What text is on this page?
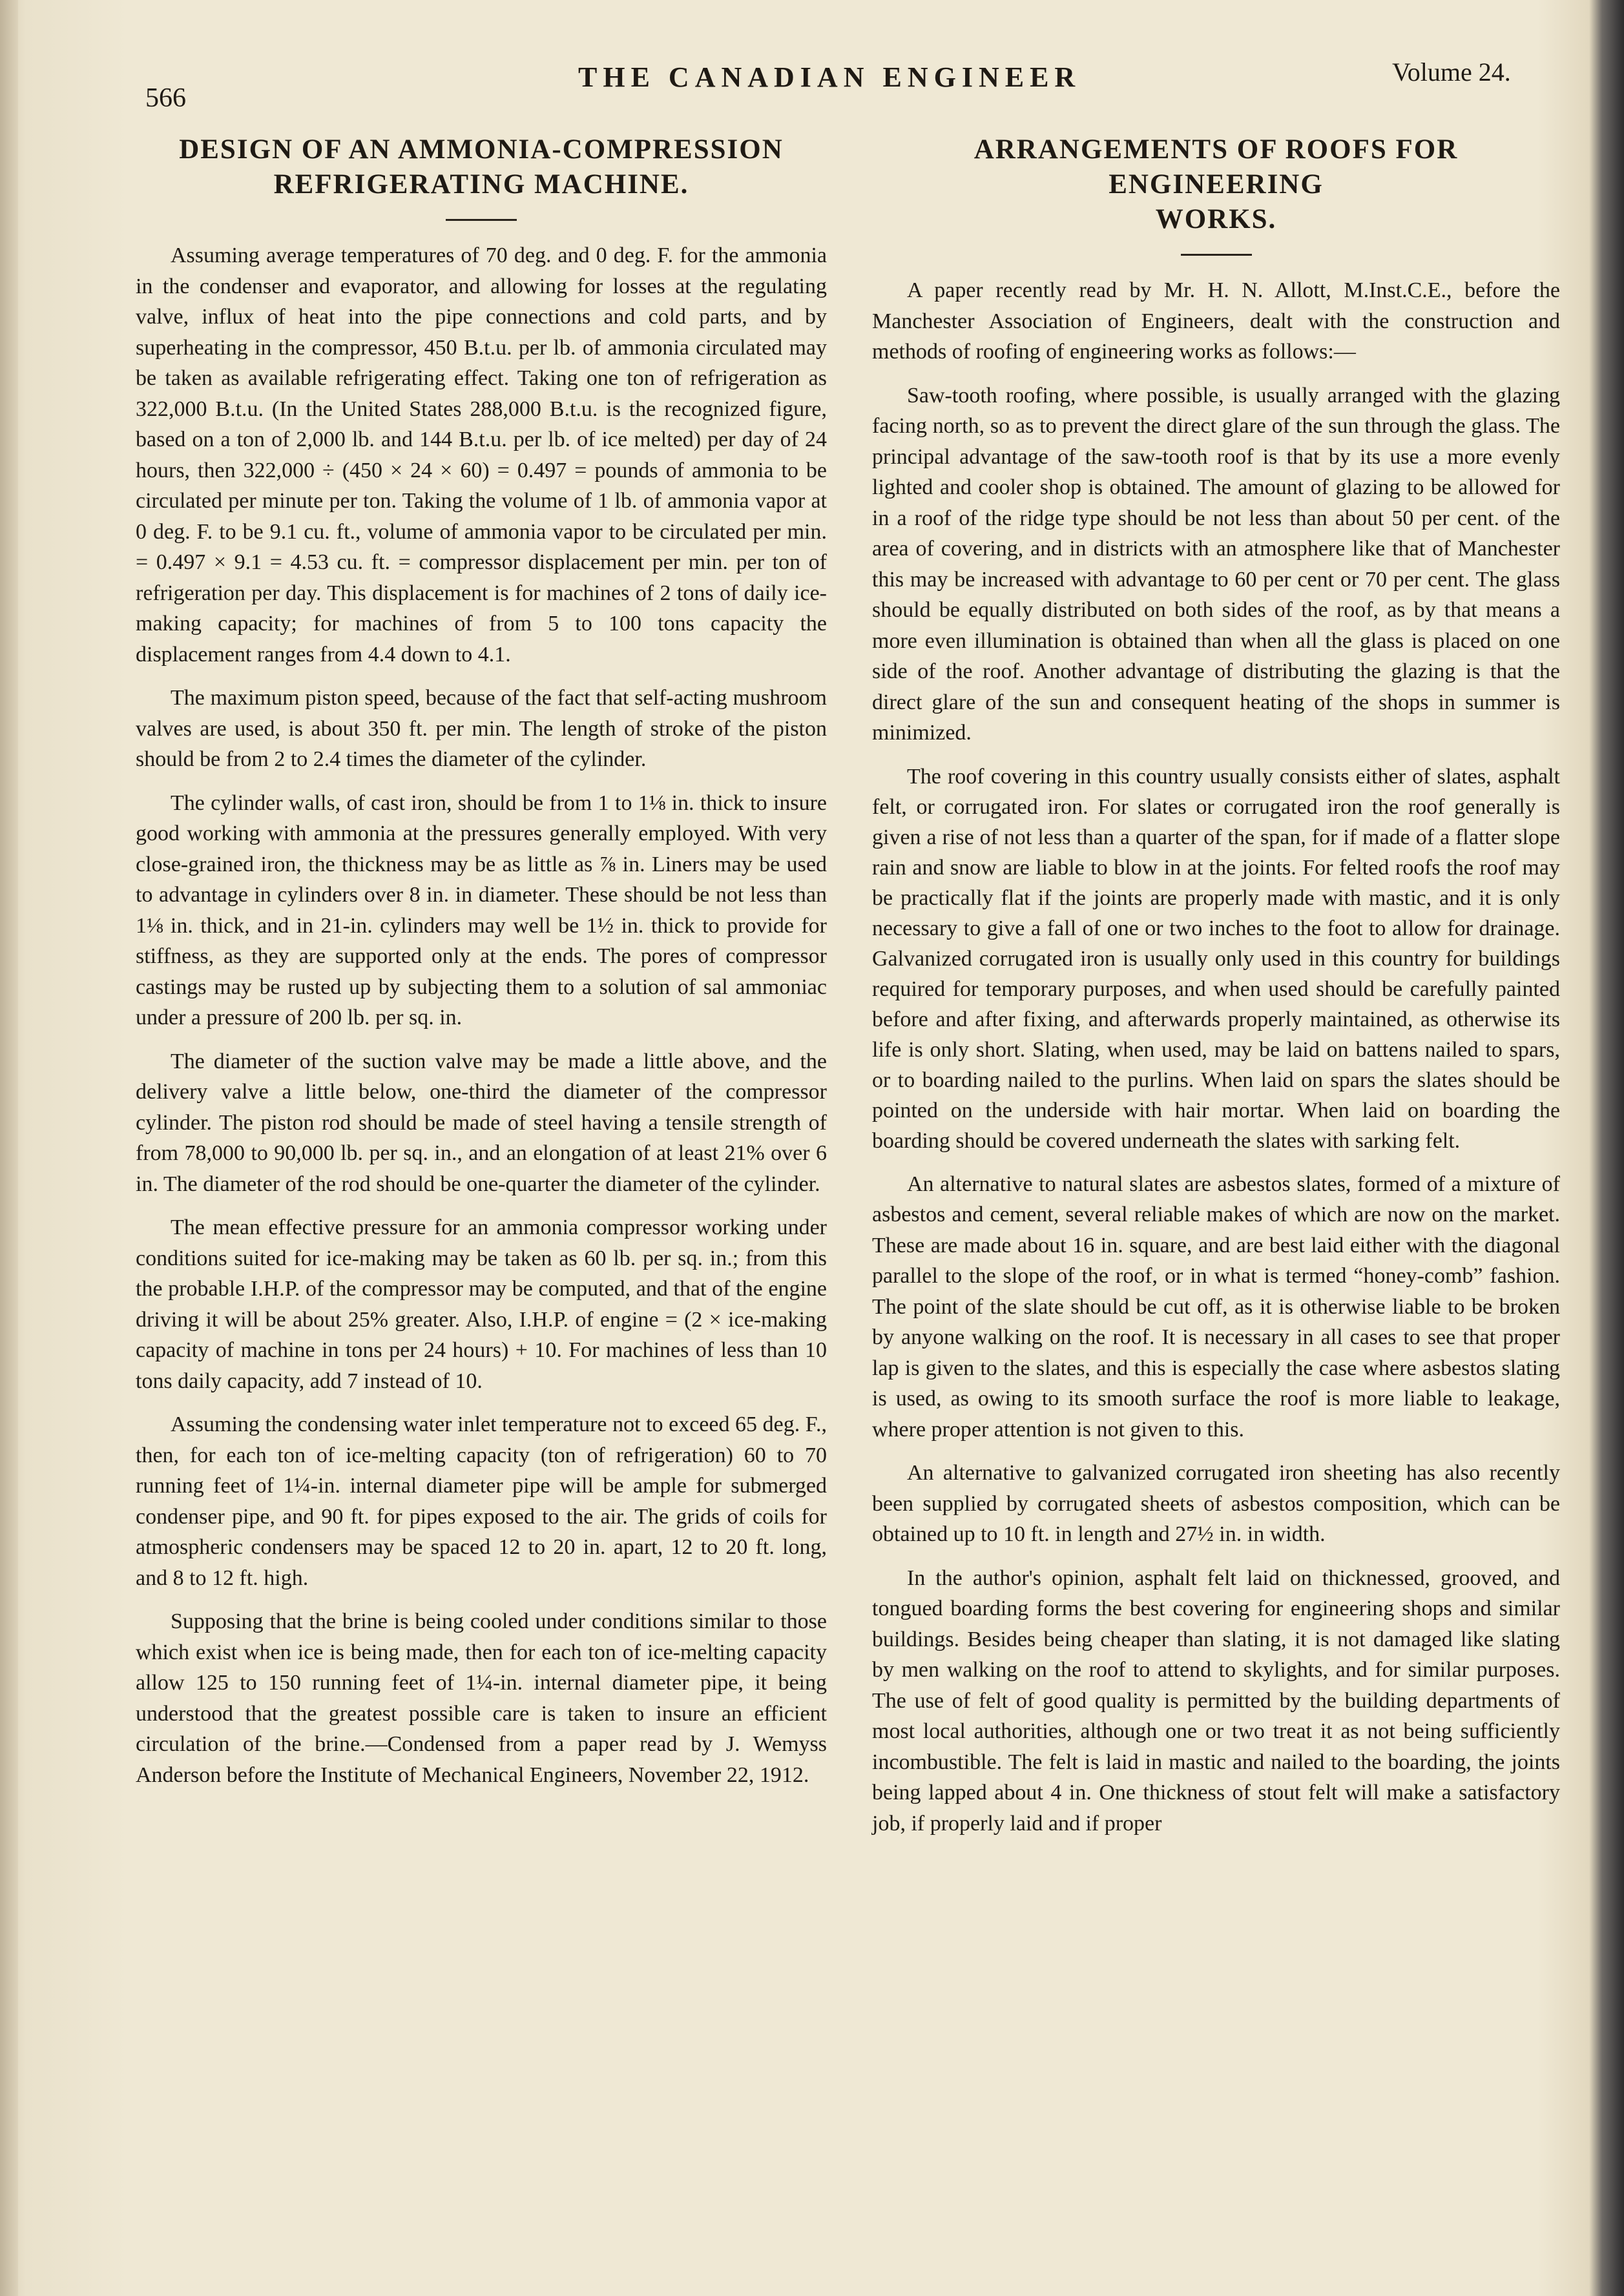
566
THE CANADIAN ENGINEER	Volume 24.
DESIGN OF AN AMMONIA-COMPRESSION
REFRIGERATING MACHINE.

Assuming average temperatures of 70 deg. and 0 deg. F. for the ammonia in the condenser and evaporator, and allowing for losses at the regulating valve, influx of heat into the pipe connections and cold parts, and by superheating in the compressor, 450 B.t.u. per lb. of ammonia circulated may be taken as available refrigerating effect. Taking one ton of refrigeration as 322,000 B.t.u. (In the United States 288,000 B.t.u. is the recognized figure, based on a ton of 2,000 lb. and 144 B.t.u. per lb. of ice melted) per day of 24 hours, then 322,000 ÷ (450 × 24 × 60) = 0.497 = pounds of ammonia to be circulated per minute per ton. Taking the volume of 1 lb. of ammonia vapor at 0 deg. F. to be 9.1 cu. ft., volume of ammonia vapor to be circulated per min. = 0.497 × 9.1 = 4.53 cu. ft. = compressor displacement per min. per ton of refrigeration per day. This displacement is for machines of 2 tons of daily ice-making capacity; for machines of from 5 to 100 tons capacity the displacement ranges from 4.4 down to 4.1.

The maximum piston speed, because of the fact that self-acting mushroom valves are used, is about 350 ft. per min. The length of stroke of the piston should be from 2 to 2.4 times the diameter of the cylinder.

The cylinder walls, of cast iron, should be from 1 to 1⅛ in. thick to insure good working with ammonia at the pressures generally employed. With very close-grained iron, the thickness may be as little as ⅞ in. Liners may be used to advantage in cylinders over 8 in. in diameter. These should be not less than 1⅛ in. thick, and in 21-in. cylinders may well be 1½ in. thick to provide for stiffness, as they are supported only at the ends. The pores of compressor castings may be rusted up by subjecting them to a solution of sal ammoniac under a pressure of 200 lb. per sq. in.

The diameter of the suction valve may be made a little above, and the delivery valve a little below, one-third the diameter of the compressor cylinder. The piston rod should be made of steel having a tensile strength of from 78,000 to 90,000 lb. per sq. in., and an elongation of at least 21% over 6 in. The diameter of the rod should be one-quarter the diameter of the cylinder.

The mean effective pressure for an ammonia compressor working under conditions suited for ice-making may be taken as 60 lb. per sq. in.; from this the probable I.H.P. of the compressor may be computed, and that of the engine driving it will be about 25% greater. Also, I.H.P. of engine = (2 × ice-making capacity of machine in tons per 24 hours) + 10. For machines of less than 10 tons daily capacity, add 7 instead of 10.

Assuming the condensing water inlet temperature not to exceed 65 deg. F., then, for each ton of ice-melting capacity (ton of refrigeration) 60 to 70 running feet of 1¼-in. internal diameter pipe will be ample for submerged condenser pipe, and 90 ft. for pipes exposed to the air. The grids of coils for atmospheric condensers may be spaced 12 to 20 in. apart, 12 to 20 ft. long, and 8 to 12 ft. high.

Supposing that the brine is being cooled under conditions similar to those which exist when ice is being made, then for each ton of ice-melting capacity allow 125 to 150 running feet of 1¼-in. internal diameter pipe, it being understood that the greatest possible care is taken to insure an efficient circulation of the brine.—Condensed from a paper read by J. Wemyss Anderson before the Institute of Mechanical Engineers, November 22, 1912.

ARRANGEMENTS OF ROOFS FOR ENGINEERING
WORKS.

A paper recently read by Mr. H. N. Allott, M.Inst.C.E., before the Manchester Association of Engineers, dealt with the construction and methods of roofing of engineering works as follows:—

Saw-tooth roofing, where possible, is usually arranged with the glazing facing north, so as to prevent the direct glare of the sun through the glass. The principal advantage of the saw-tooth roof is that by its use a more evenly lighted and cooler shop is obtained. The amount of glazing to be allowed for in a roof of the ridge type should be not less than about 50 per cent. of the area of covering, and in districts with an atmosphere like that of Manchester this may be increased with advantage to 60 per cent or 70 per cent. The glass should be equally distributed on both sides of the roof, as by that means a more even illumination is obtained than when all the glass is placed on one side of the roof. Another advantage of distributing the glazing is that the direct glare of the sun and consequent heating of the shops in summer is minimized.

The roof covering in this country usually consists either of slates, asphalt felt, or corrugated iron. For slates or corrugated iron the roof generally is given a rise of not less than a quarter of the span, for if made of a flatter slope rain and snow are liable to blow in at the joints. For felted roofs the roof may be practically flat if the joints are properly made with mastic, and it is only necessary to give a fall of one or two inches to the foot to allow for drainage. Galvanized corrugated iron is usually only used in this country for buildings required for temporary purposes, and when used should be carefully painted before and after fixing, and afterwards properly maintained, as otherwise its life is only short. Slating, when used, may be laid on battens nailed to spars, or to boarding nailed to the purlins. When laid on spars the slates should be pointed on the underside with hair mortar. When laid on boarding the boarding should be covered underneath the slates with sarking felt.

An alternative to natural slates are asbestos slates, formed of a mixture of asbestos and cement, several reliable makes of which are now on the market. These are made about 16 in. square, and are best laid either with the diagonal parallel to the slope of the roof, or in what is termed “honey-comb” fashion. The point of the slate should be cut off, as it is otherwise liable to be broken by anyone walking on the roof. It is necessary in all cases to see that proper lap is given to the slates, and this is especially the case where asbestos slating is used, as owing to its smooth surface the roof is more liable to leakage, where proper attention is not given to this.

An alternative to galvanized corrugated iron sheeting has also recently been supplied by corrugated sheets of asbestos composition, which can be obtained up to 10 ft. in length and 27½ in. in width.

In the author's opinion, asphalt felt laid on thicknessed, grooved, and tongued boarding forms the best covering for engineering shops and similar buildings. Besides being cheaper than slating, it is not damaged like slating by men walking on the roof to attend to skylights, and for similar purposes. The use of felt of good quality is permitted by the building departments of most local authorities, although one or two treat it as not being sufficiently incombustible. The felt is laid in mastic and nailed to the boarding, the joints being lapped about 4 in. One thickness of stout felt will make a satisfactory job, if properly laid and if proper
